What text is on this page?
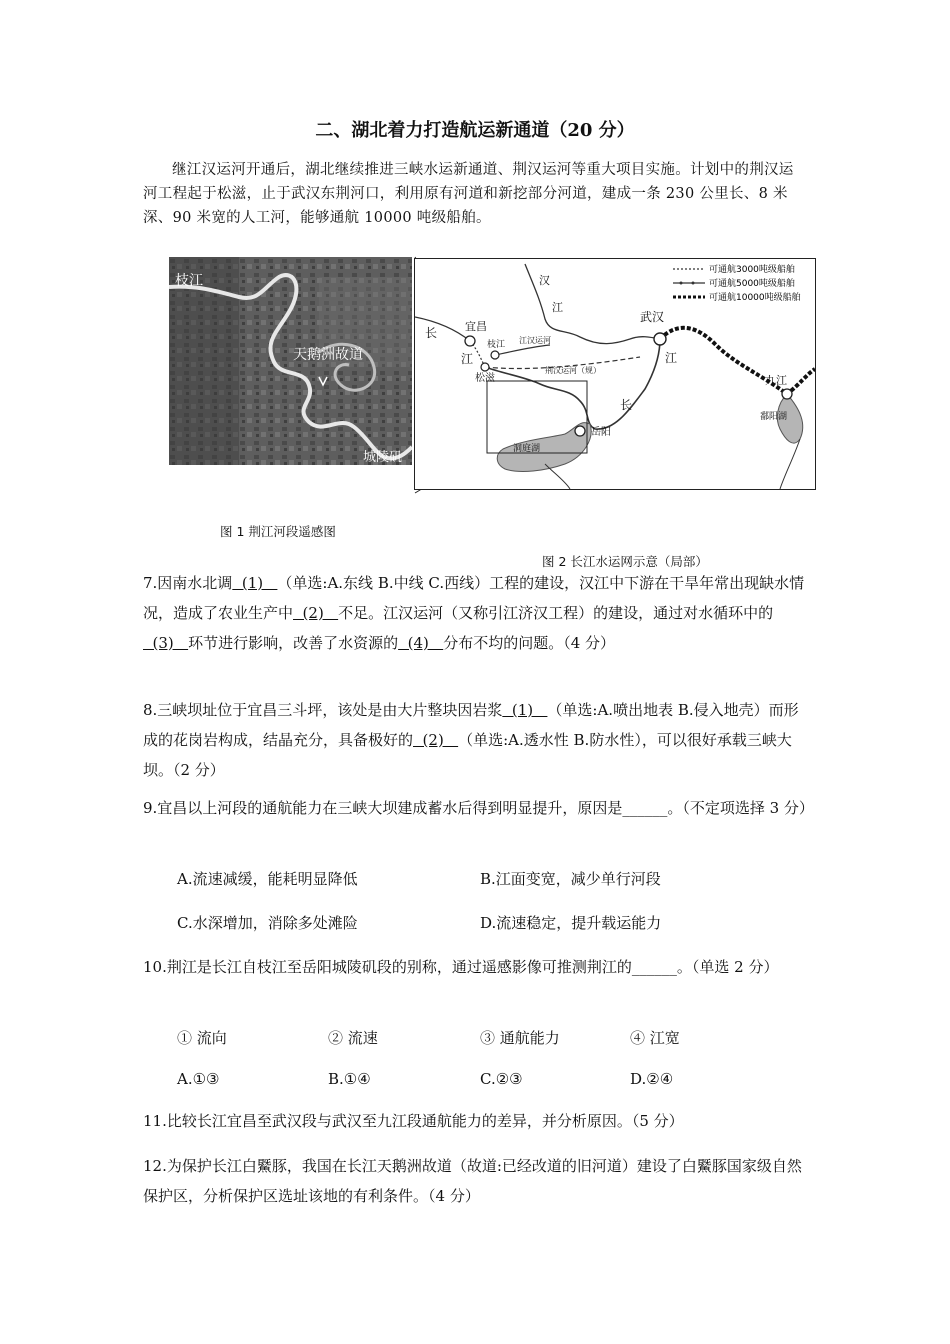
二、湖北着力打造航运新通道（20 分）
继江汉运河开通后，湖北继续推进三峡水运新通道、荆汉运河等重大项目实施。计划中的荆汉运河工程起于松滋，止于武汉东荆河口，利用原有河道和新挖部分河道，建成一条 230 公里长、8 米深、90 米宽的人工河，能够通航 10000 吨级船舶。
枝江
天鹅洲故道
城陵矶
可通航3000吨级船舶
可通航5000吨级船舶
可通航10000吨级船舶
宜昌
枝江
松滋
武汉
岳阳
九江
洞庭湖
鄱阳湖
汉
江
长
江	江
长
江汉运河
荆汉运河（规）
图 1 荆江河段遥感图
图 2 长江水运网示意（局部）
7.因南水北调  (1)   （单选:A.东线 B.中线 C.西线）工程的建设，汉江中下游在干旱年常出现缺水情况，造成了农业生产中  (2)   不足。江汉运河（又称引江济汉工程）的建设，通过对水循环中的  (3)   环节进行影响，改善了水资源的  (4)   分布不均的问题。（4 分）
8.三峡坝址位于宜昌三斗坪，该处是由大片整块因岩浆  (1)   （单选:A.喷出地表 B.侵入地壳）而形成的花岗岩构成，结晶充分，具备极好的  (2)   （单选:A.透水性 B.防水性），可以很好承载三峡大坝。（2 分）
9.宜昌以上河段的通航能力在三峡大坝建成蓄水后得到明显提升，原因是______。（不定项选择 3 分）
A.流速减缓，能耗明显降低	B.江面变宽，减少单行河段
C.水深增加，消除多处滩险	D.流速稳定，提升载运能力
10.荆江是长江自枝江至岳阳城陵矶段的别称，通过遥感影像可推测荆江的______。（单选 2 分）
① 流向	② 流速	③ 通航能力	④ 江宽
A.①③	B.①④	C.②③	D.②④
11.比较长江宜昌至武汉段与武汉至九江段通航能力的差异，并分析原因。（5 分）
12.为保护长江白鱀豚，我国在长江天鹅洲故道（故道:已经改道的旧河道）建设了白鱀豚国家级自然保护区，分析保护区选址该地的有利条件。（4 分）
